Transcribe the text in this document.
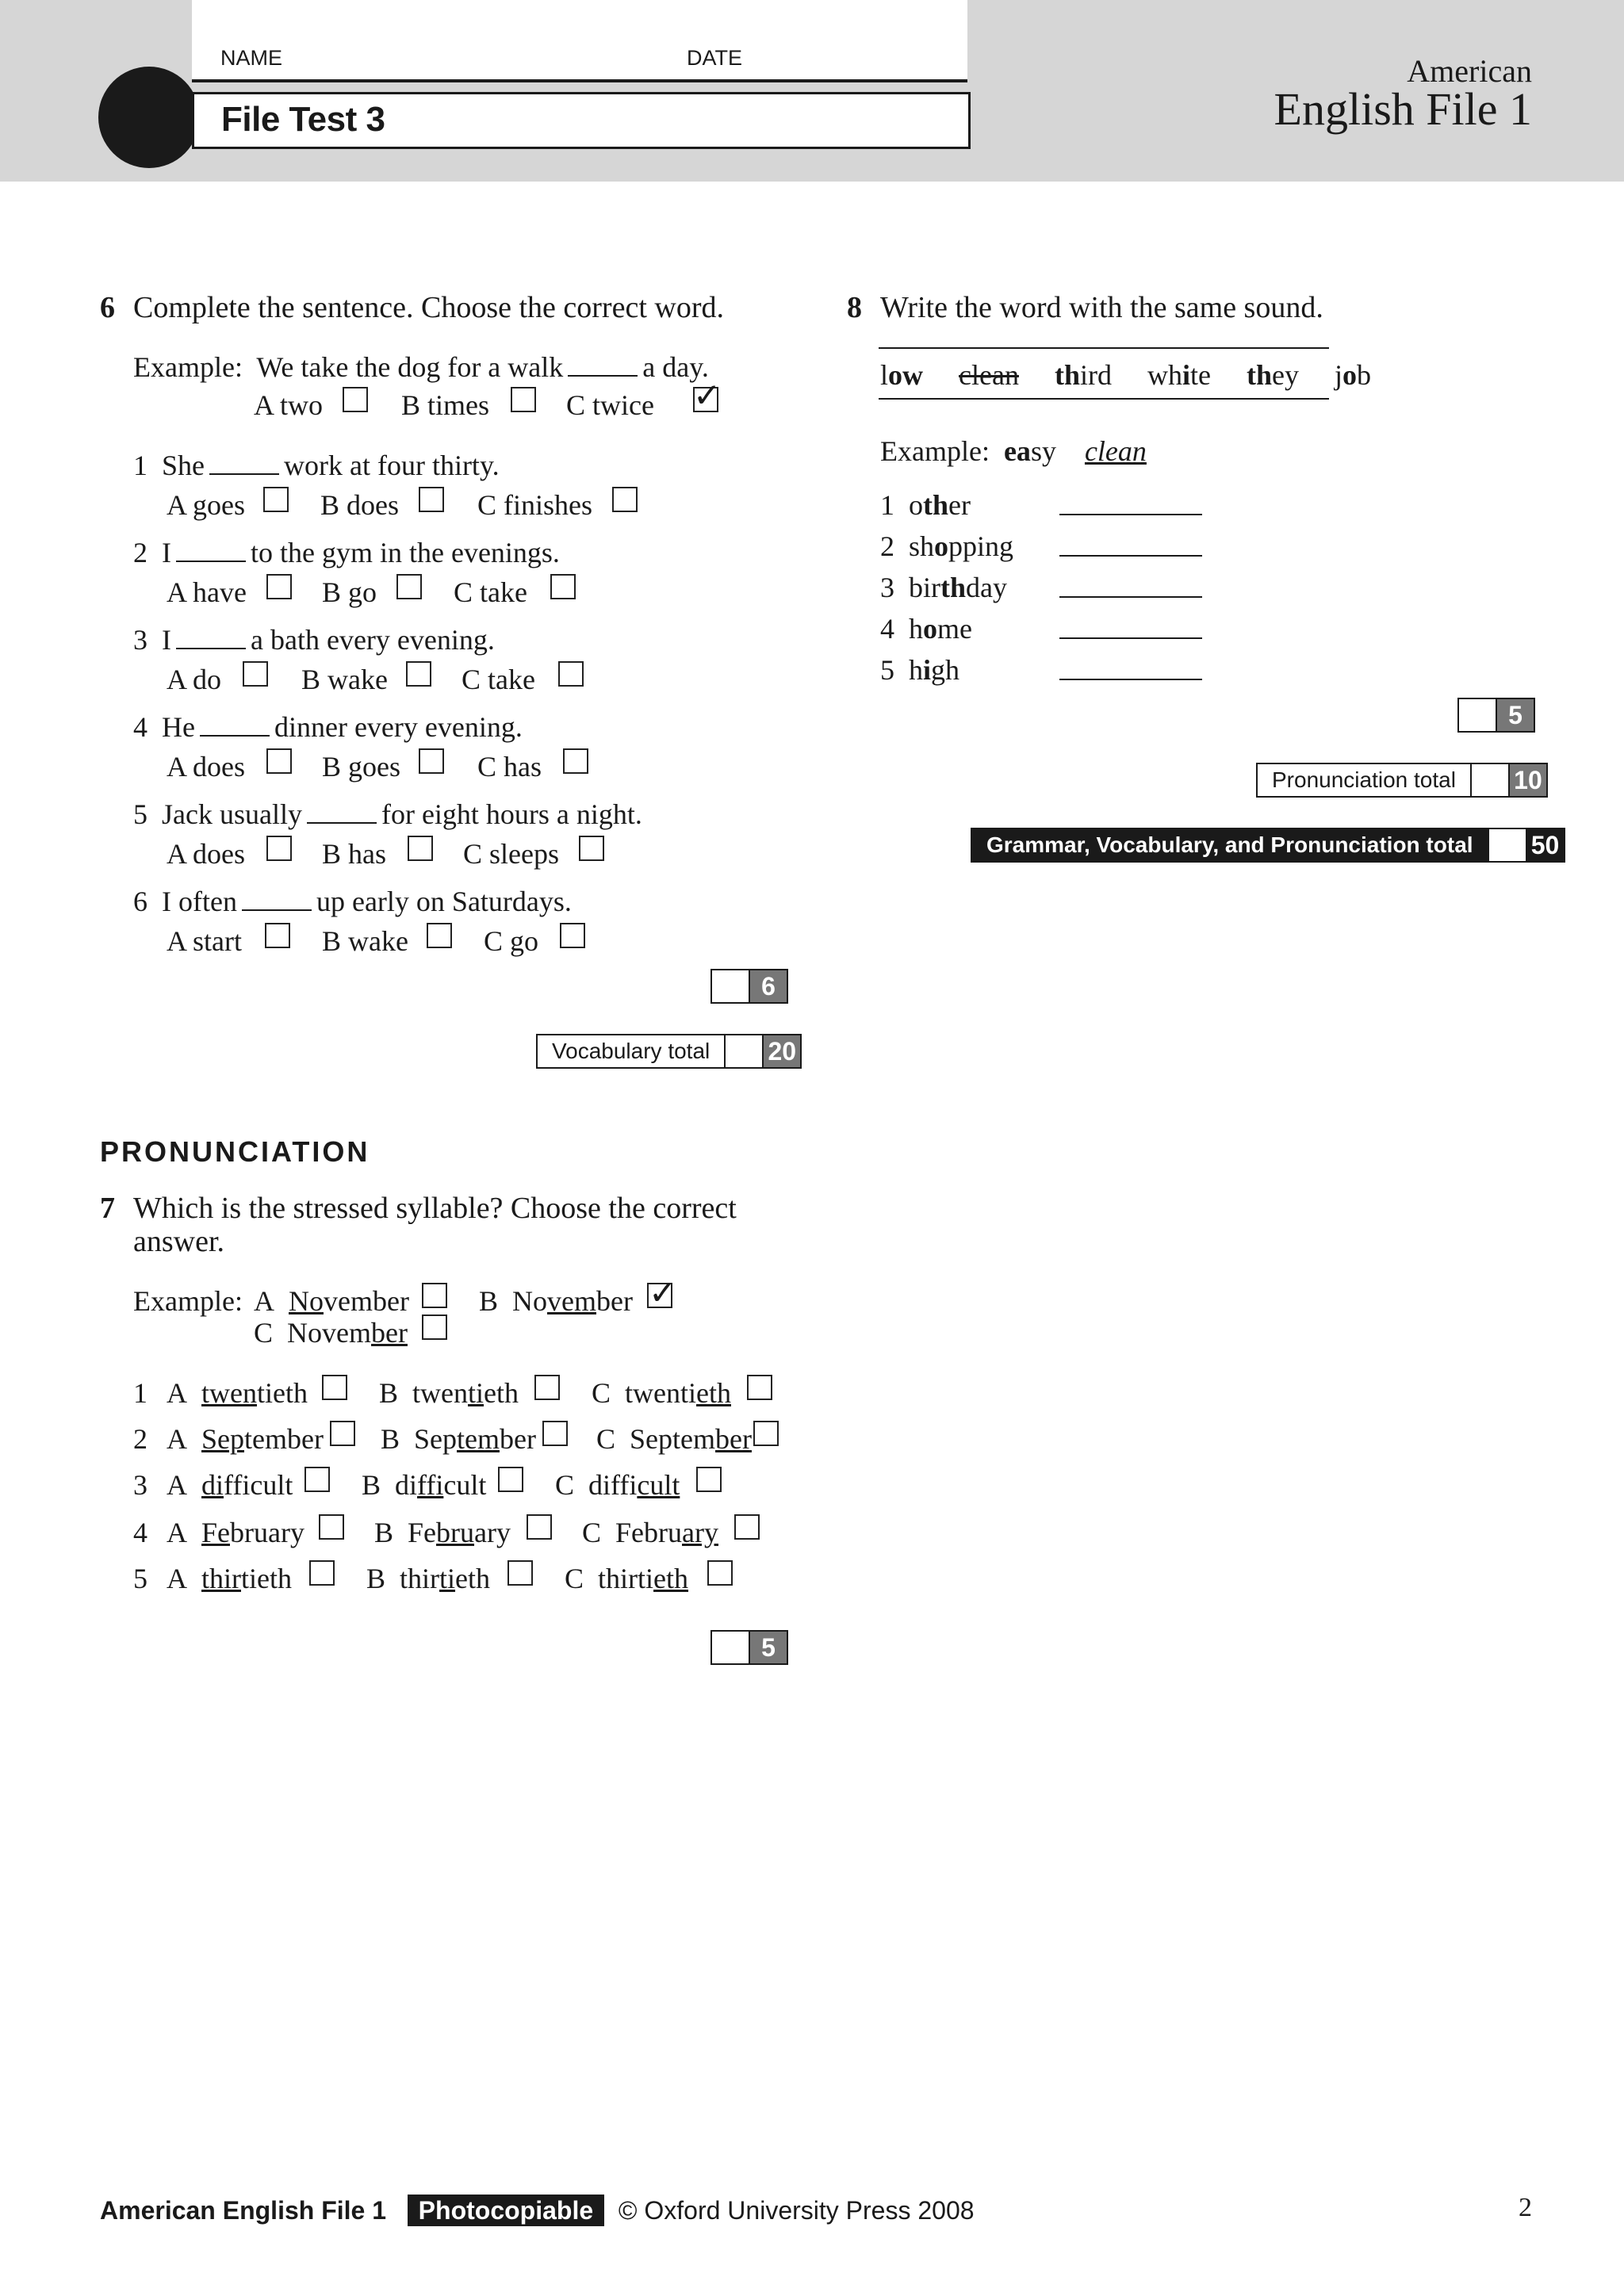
NAME	DATE
File Test 3
American
English File 1
6 Complete the sentence. Choose the correct word.
Example: We take the dog for a walk	a day.
A two	B times	C twice ✓
1 She	work at four thirty.
A goes	B does	C finishes
2 I	to the gym in the evenings.
A have	B go	C take
3 I	a bath every evening.
A do	B wake	C take
4 He	dinner every evening.
A does	B goes	C has
5 Jack usually	for eight hours a night.
A does	B has	C sleeps
6 I often	up early on Saturdays.
A start	B wake	C go
6
Vocabulary total	20
PRONUNCIATION
7 Which is the stressed syllable? Choose the correct
answer.
Example: A  November B  November ✓
C  November
1 A  twentieth	B  twentieth	C  twentieth
2 A  September B  September C  September
3 A  difficult B  difficult C  difficult
4 A  February B  February	C  February
5 A  thirtieth	B  thirtieth	C  thirtieth
5
8 Write the word with the same sound.
low clean third white they job
Example: easy clean
1 other
2 shopping
3 birthday
4 home
5 high
5
Pronunciation total	10
Grammar, Vocabulary, and Pronunciation total	50
American English File 1 Photocopiable © Oxford University Press 2008	2
